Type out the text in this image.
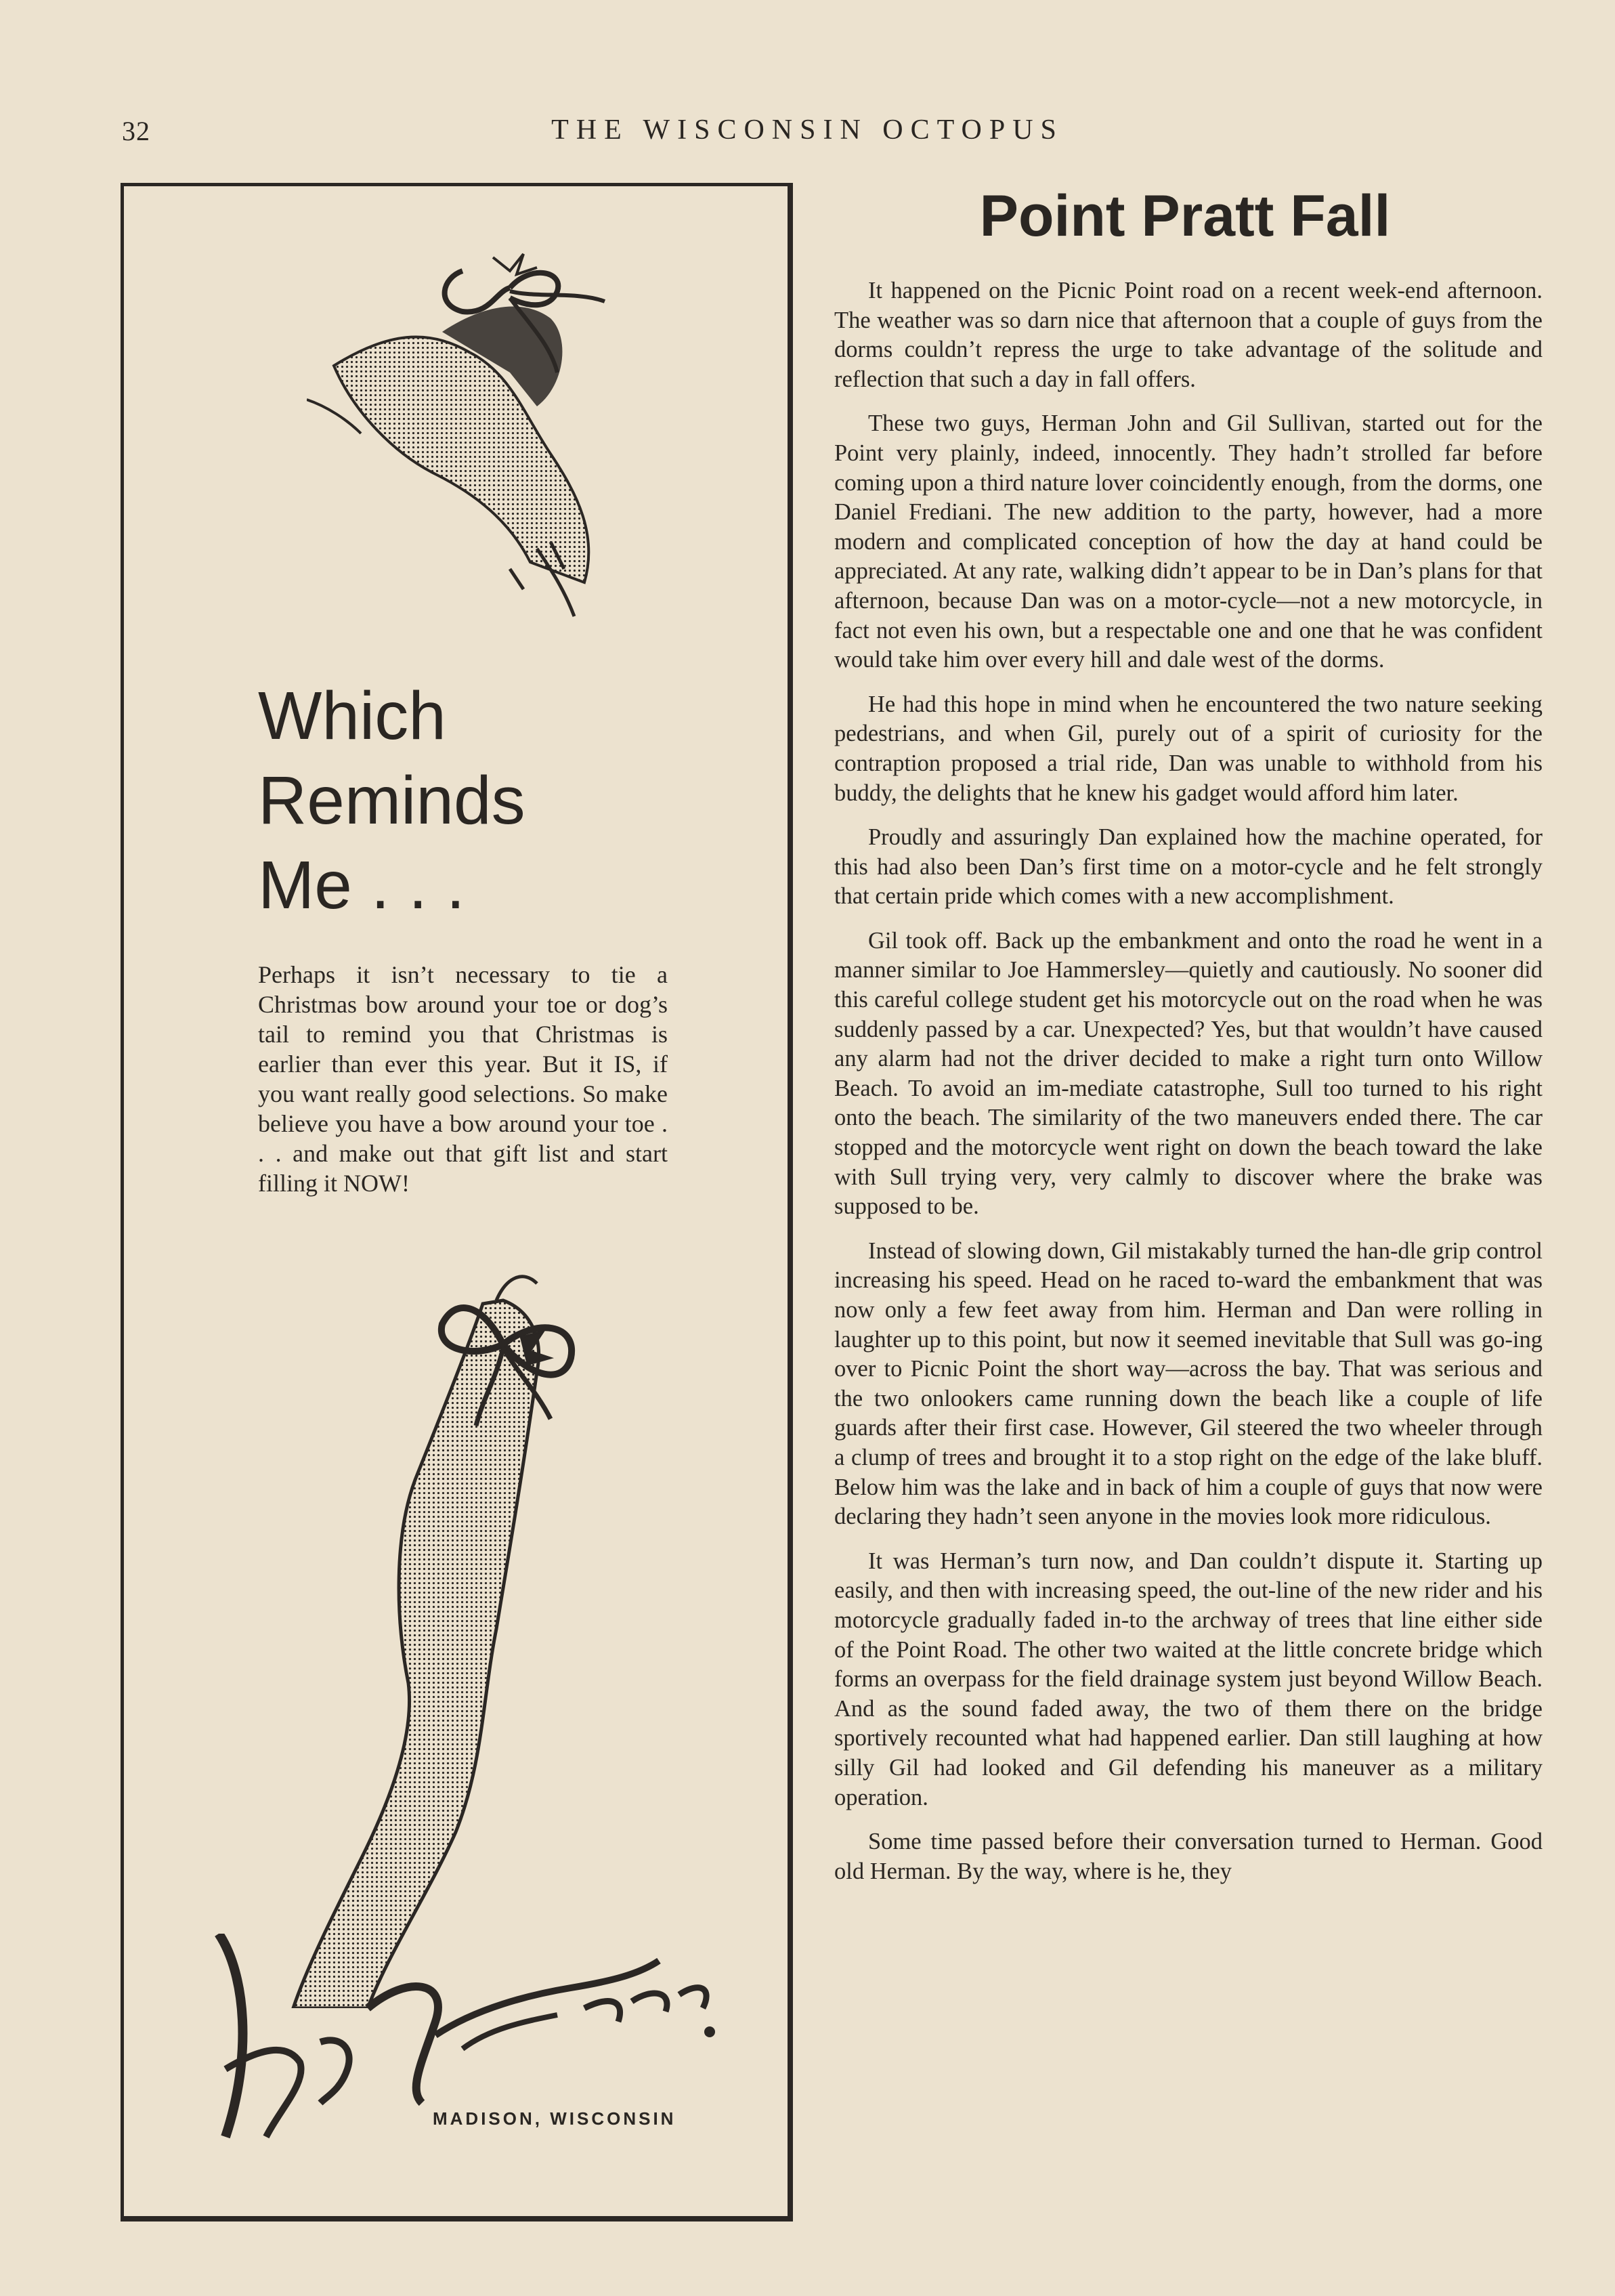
32	THE WISCONSIN OCTOPUS
Which
Reminds
Me . . .

Perhaps it isn’t necessary to tie a Christmas bow around your toe or dog’s tail to remind you that Christmas is earlier than ever this year. But it IS, if you want really good selections. So make believe you have a bow around your toe . . . and make out that gift list and start filling it NOW!

MADISON, WISCONSIN
Point Pratt Fall

It happened on the Picnic Point road on a recent week-end afternoon. The weather was so darn nice that afternoon that a couple of guys from the dorms couldn’t repress the urge to take advantage of the solitude and reflection that such a day in fall offers.

These two guys, Herman John and Gil Sullivan, started out for the Point very plainly, indeed, innocently. They hadn’t strolled far before coming upon a third nature lover coincidently enough, from the dorms, one Daniel Frediani. The new addition to the party, however, had a more modern and complicated conception of how the day at hand could be appreciated. At any rate, walking didn’t appear to be in Dan’s plans for that afternoon, because Dan was on a motor-cycle—not a new motorcycle, in fact not even his own, but a respectable one and one that he was confident would take him over every hill and dale west of the dorms.

He had this hope in mind when he encountered the two nature seeking pedestrians, and when Gil, purely out of a spirit of curiosity for the contraption proposed a trial ride, Dan was unable to withhold from his buddy, the delights that he knew his gadget would afford him later.

Proudly and assuringly Dan explained how the machine operated, for this had also been Dan’s first time on a motor-cycle and he felt strongly that certain pride which comes with a new accomplishment.

Gil took off. Back up the embankment and onto the road he went in a manner similar to Joe Hammersley—quietly and cautiously. No sooner did this careful college student get his motorcycle out on the road when he was suddenly passed by a car. Unexpected? Yes, but that wouldn’t have caused any alarm had not the driver decided to make a right turn onto Willow Beach. To avoid an im-mediate catastrophe, Sull too turned to his right onto the beach. The similarity of the two maneuvers ended there. The car stopped and the motorcycle went right on down the beach toward the lake with Sull trying very, very calmly to discover where the brake was supposed to be.

Instead of slowing down, Gil mistakably turned the han-dle grip control increasing his speed. Head on he raced to-ward the embankment that was now only a few feet away from him. Herman and Dan were rolling in laughter up to this point, but now it seemed inevitable that Sull was go-ing over to Picnic Point the short way—across the bay. That was serious and the two onlookers came running down the beach like a couple of life guards after their first case. However, Gil steered the two wheeler through a clump of trees and brought it to a stop right on the edge of the lake bluff. Below him was the lake and in back of him a couple of guys that now were declaring they hadn’t seen anyone in the movies look more ridiculous.

It was Herman’s turn now, and Dan couldn’t dispute it. Starting up easily, and then with increasing speed, the out-line of the new rider and his motorcycle gradually faded in-to the archway of trees that line either side of the Point Road. The other two waited at the little concrete bridge which forms an overpass for the field drainage system just beyond Willow Beach. And as the sound faded away, the two of them there on the bridge sportively recounted what had happened earlier. Dan still laughing at how silly Gil had looked and Gil defending his maneuver as a military operation.

Some time passed before their conversation turned to Herman. Good old Herman. By the way, where is he, they
